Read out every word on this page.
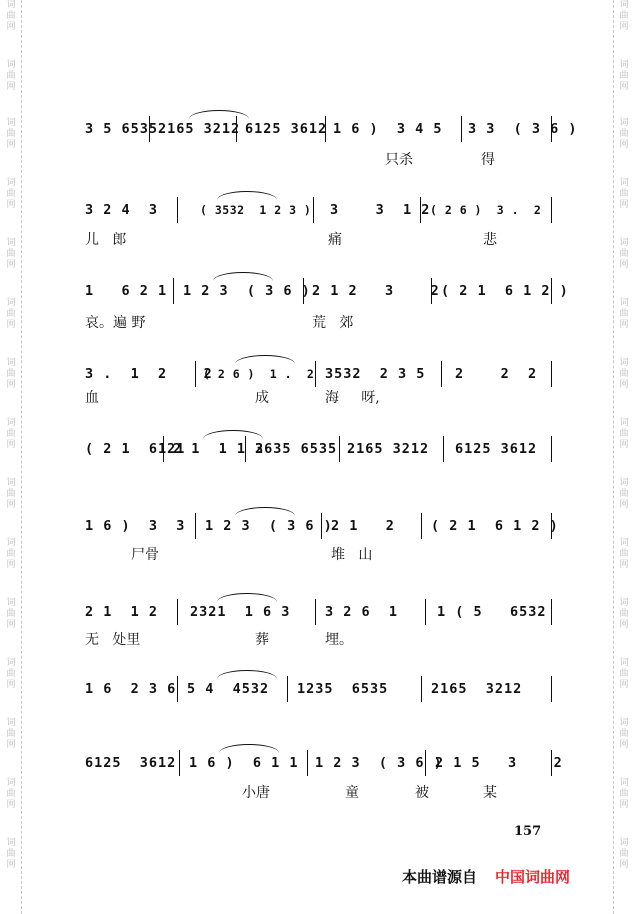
词
曲
网
词
曲
网
词
曲
网
词
曲
网
词
曲
网
词
曲
网
词
曲
网
词
曲
网
词
曲
网
词
曲
网
词
曲
网
词
曲
网
词
曲
网
词
曲
网
词
曲
网
词
曲
网
词
曲
网
词
曲
网
词
曲
网
词
曲
网
词
曲
网
词
曲
网
词
曲
网
词
曲
网
词
曲
网
词
曲
网
词
曲
网
词
曲
网
词
曲
网
词
曲
网
3 5 6535 2165 3212 6125 3612 1 6 )  3 4 5 3 3  ( 3 6 )
只杀	得
3 2 4  3	( 3532  1 2 3 ) 3    3  1 2 ( 2 6 )  3 .  2
儿   郎	痛	悲
1   6 2 1 1 2 3  ( 3 6 ) 2 1 2   3    2 ( 2 1  6 1 2 )
哀。遍 野	荒   郊
3 .  1  2    2
( 2 6 )  1 .  2 3532  2 3 5 2    2  2
血	成	海     呀,
( 2 1  6121
2 1  1 1 2
3635 6535 2165 3212 6125 3612
1 6 )  3  3 1 2 3  ( 3 6 )
2 1   2	( 2 1  6 1 2 )
尸骨	堆   山
2 1  1 2 2321  1 6 3	3 2 6  1	1 ( 5   6532
无   处里	葬	埋。
1 6  2 3 6 5 4  4532 1235  6535	2165  3212
6125  3612 1 6 )  6 1 1 1 2 3  ( 3 6 )
2 1 5   3    2
小唐	童	被	某
157
本曲谱源自 中国词曲网
